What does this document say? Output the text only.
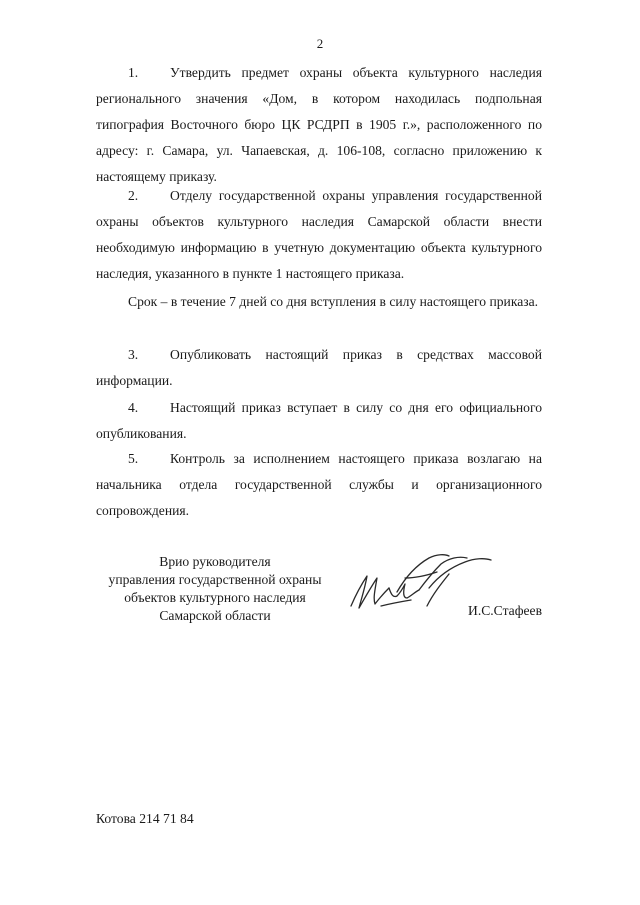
2

1. Утвердить предмет охраны объекта культурного наследия регионального значения «Дом, в котором находилась подпольная типография Восточного бюро ЦК РСДРП в 1905 г.», расположенного по адресу: г. Самара, ул. Чапаевская, д. 106-108, согласно приложению к настоящему приказу.

2. Отделу государственной охраны управления государственной охраны объектов культурного наследия Самарской области внести необходимую информацию в учетную документацию объекта культурного наследия, указанного в пункте 1 настоящего приказа.

Срок – в течение 7 дней со дня вступления в силу настоящего приказа.

3. Опубликовать настоящий приказ в средствах массовой информации.

4. Настоящий приказ вступает в силу со дня его официального опубликования.

5. Контроль за исполнением настоящего приказа возлагаю на начальника отдела государственной службы и организационного сопровождения.

Врио руководителя
управления государственной охраны
объектов культурного наследия
Самарской области	И.С.Стафеев
Котова 214 71 84
